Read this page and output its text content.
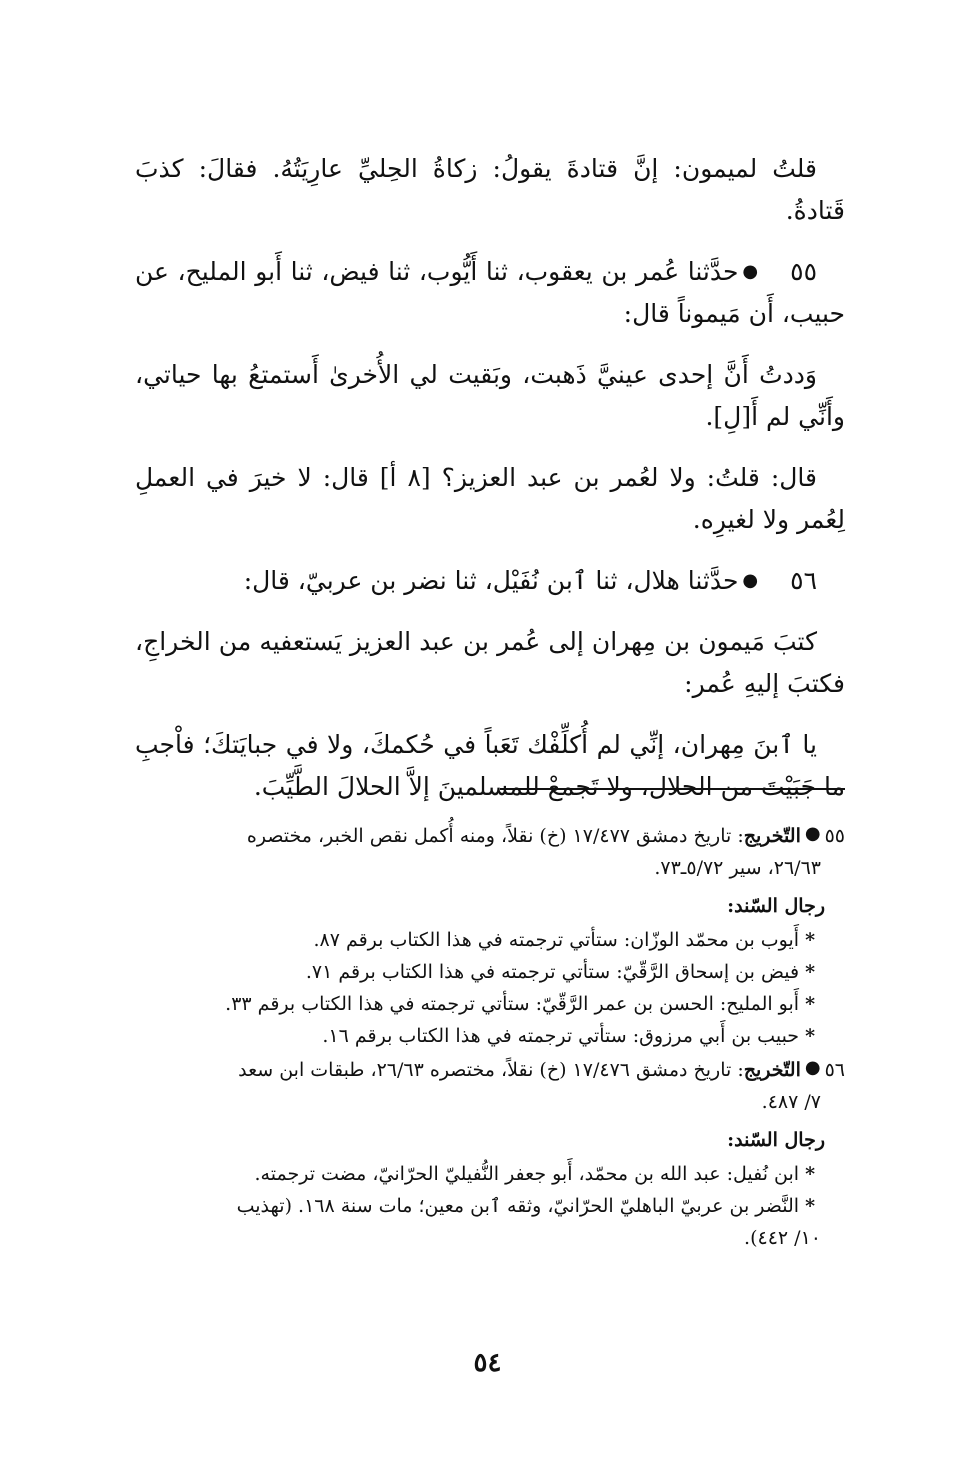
قلتُ لميمون: إنَّ قتادةَ يقولُ: زكاةُ الحِليِّ عارِيَتُهُ. فقالَ: كذبَ قَتادةُ.

٥٥●حدَّثنا عُمر بن يعقوب، ثنا أَيُّوب، ثنا فيض، ثنا أَبو المليح، عن حبيب، أَن مَيموناً قال:

وَددتُ أَنَّ إحدى عينيَّ ذَهبت، وبَقيت لي الأُخرىٰ أَستمتعُ بها حياتي، وأَنِّي لم أَ[لِ].

قال: قلتُ: ولا لعُمر بن عبد العزيز؟ [٨ أ] قال: لا خيرَ في العملِ لِعُمر ولا لغيرِه.

٥٦●حدَّثنا هلال، ثنا ٱبن نُفَيْل، ثنا نضر بن عربيّ، قال:

كتبَ مَيمون بن مِهران إلى عُمر بن عبد العزيز يَستعفيه من الخراجِ، فكتبَ إليهِ عُمر:

يا ٱبنَ مِهران، إنِّي لم أُكلِّفْك تَعَباً في حُكمكَ، ولا في جبايَتكَ؛ فاْجبِ ما جَبَيْتَ من الحلال، ولا تَجمعْ للمسلمينَ إلاَّ الحلالَ الطَّيِّبَ.

٥٥●التّخريج: تاريخ دمشق ١٧/٤٧٧ (خ) نقلاً، ومنه أُكمل نقص الخبر، مختصره

٢٦/٦٣، سير ٥/٧٢ـ٧٣.

رجال السّند:

*أَيوب بن محمّد الوزّان: ستأتي ترجمته في هذا الكتاب برقم ٨٧.

*فيض بن إسحاق الرَّقّيّ: ستأتي ترجمته في هذا الكتاب برقم ٧١.

*أَبو المليح: الحسن بن عمر الرَّقّيّ: ستأتي ترجمته في هذا الكتاب برقم ٣٣.

*حبيب بن أَبي مرزوق: ستأتي ترجمته في هذا الكتاب برقم ١٦.

٥٦●التّخريج: تاريخ دمشق ١٧/٤٧٦ (خ) نقلاً، مختصره ٢٦/٦٣، طبقات ابن سعد

٧/ ٤٨٧.

رجال السّند:

*ابن نُفيل: عبد الله بن محمّد، أَبو جعفر النُّفيليّ الحرّانيّ، مضت ترجمته.

*النَّضر بن عربيّ الباهليّ الحرّانيّ، وثقه ٱبن معين؛ مات سنة ١٦٨. (تهذيب

١٠/ ٤٤٢).

٥٤
